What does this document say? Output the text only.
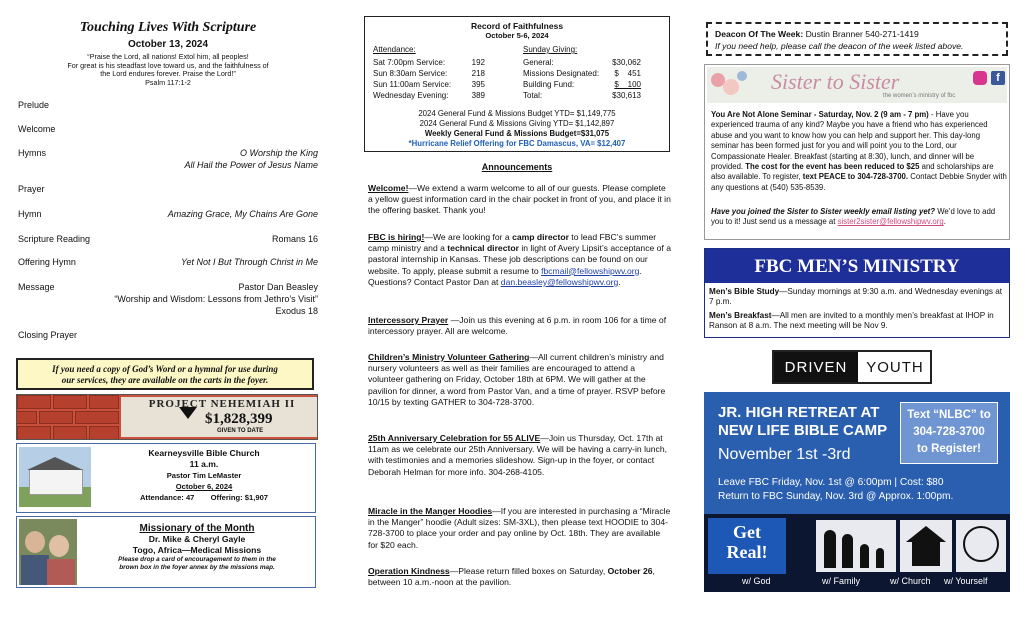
Touching Lives With Scripture
October 13, 2024
“Praise the Lord, all nations! Extol him, all peoples!
For great is his steadfast love toward us, and the faithfulness of
the Lord endures forever. Praise the Lord!”
Psalm 117:1-2
Prelude
Welcome
Hymns	O Worship the King
All Hail the Power of Jesus Name
Prayer
Hymn	Amazing Grace, My Chains Are Gone
Scripture Reading	Romans 16
Offering Hymn	Yet Not I But Through Christ in Me
Message	Pastor Dan Beasley
“Worship and Wisdom: Lessons from Jethro’s Visit”
Exodus 18
Closing Prayer
If you need a copy of God’s Word or a hymnal for use during
our services, they are available on the carts in the foyer.
PROJECT ΝΕΗΕΜΙΑΗ II
$1,828,399
GIVEN TO DATE
Kearneysville Bible Church
11 a.m.
Pastor Tim LeMaster
October 6, 2024
Attendance: 47 Offering: $1,907
Missionary of the Month
Dr. Mike & Cheryl Gayle
Togo, Africa—Medical Missions
Please drop a card of encouragement to them in the
brown box in the foyer annex by the missions map.
Record of Faithfulness
October 5-6, 2024
Attendance:
Sat 7:00pm Service:	192
Sun 8:30am Service:	218
Sun 11:00am Service:	395
Wednesday Evening:	389
Sunday Giving:
General:	$30,062
Missions Designated: $    451
Building Fund:	$    100
Total:	$30,613
2024 General Fund & Missions Budget YTD= $1,149,775
2024 General Fund & Missions Giving YTD= $1,142,897
Weekly General Fund & Missions Budget=$31,075
*Hurricane Relief Offering for FBC Damascus, VA= $12,407
Announcements
Welcome!—We extend a warm welcome to all of our guests. Please complete a yellow guest information card in the chair pocket in front of you, and place it in the offering basket. Thank you!
FBC is hiring!—We are looking for a camp director to lead FBC’s summer camp ministry and a technical director in light of Avery Lipsit’s acceptance of a pastoral internship in Kansas. These job descriptions can be found on our website. To apply, please submit a resume to fbcmail@fellowshipwv.org. Questions? Contact Pastor Dan at dan.beasley@fellowshipwv.org.
Intercessory Prayer —Join us this evening at 6 p.m. in room 106 for a time of intercessory prayer. All are welcome.
Children’s Ministry Volunteer Gathering—All current children’s ministry and nursery volunteers as well as their families are encouraged to attend a volunteer gathering on Friday, October 18th at 6PM. We will gather at the pavilion for dinner, a word from Pastor Van, and a time of prayer. RSVP before 10/15 by texting GATHER to 304-728-3700.
25th Anniversary Celebration for 55 ALIVE—Join us Thursday, Oct. 17th at 11am as we celebrate our 25th Anniversary. We will be having a carry-in lunch, with testimonies and a memories slideshow. Sign-up in the foyer, or contact Deborah Helman for more info. 304-268-4105.
Miracle in the Manger Hoodies—If you are interested in purchasing a “Miracle in the Manger” hoodie (Adult sizes: SM-3XL), then please text HOODIE to 304-728-3700 to place your order and pay online by Oct. 18th. They are available for $20 each.
Operation Kindness—Please return filled boxes on Saturday, October 26, between 10 a.m.-noon at the pavilion.
Deacon Of The Week: Dustin Branner 540-271-1419
If you need help, please call the deacon of the week listed above.
Sister to Sister
the women’s ministry of fbc
f
You Are Not Alone Seminar - Saturday, Nov. 2 (9 am - 7 pm) - Have you experienced trauma of any kind? Maybe you have a friend who has experienced abuse and you want to know how you can help and support her. This day-long seminar has been formed just for you and will point you to the Lord, our Compassionate Healer. Breakfast (starting at 8:30), lunch, and dinner will be provided. The cost for the event has been reduced to $25 and scholarships are also available. To register, text PEACE to 304-728-3700. Contact Debbie Snyder with any questions at (540) 535-8539.
Have you joined the Sister to Sister weekly email listing yet? We’d love to add you to it! Just send us a message at sister2sister@fellowshipwv.org.
FBC MEN’S MINISTRY
Men’s Bible Study—Sunday mornings at 9:30 a.m. and Wednesday evenings at 7 p.m.
Men’s Breakfast—All men are invited to a monthly men’s breakfast at IHOP in Ranson at 8 a.m. The next meeting will be Nov 9.
DRIVEN	YOUTH
JR. HIGH RETREAT AT
NEW LIFE BIBLE CAMP
November 1st -3rd
Text “NLBC” to
304-728-3700
to Register!
Leave FBC Friday, Nov. 1st @ 6:00pm | Cost: $80
Return to FBC Sunday, Nov. 3rd @ Approx. 1:00pm.
Get
Real!
w/ God	w/ Family	w/ Church w/ Yourself
